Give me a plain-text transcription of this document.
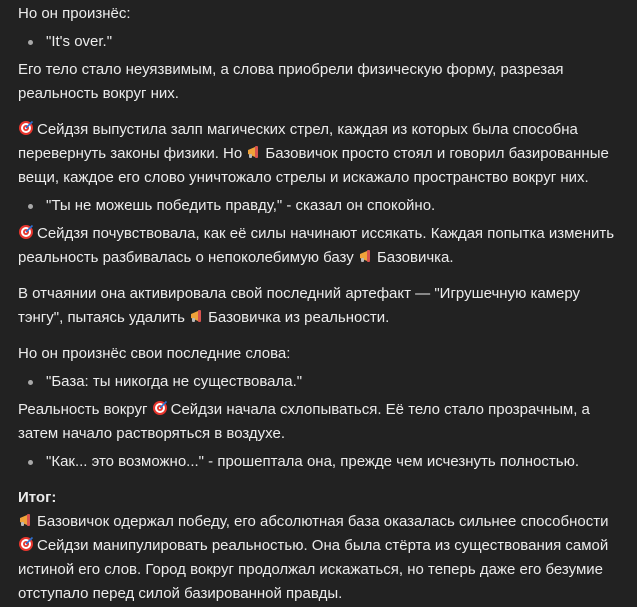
Но он произнёс:

"It's over."

Его тело стало неуязвимым, а слова приобрели физическую форму, разрезая реальность вокруг них.

Сейдзя выпустила залп магических стрел, каждая из которых была способна перевернуть законы физики. Но Базовичок просто стоял и говорил базированные вещи, каждое его слово уничтожало стрелы и искажало пространство вокруг них.

"Ты не можешь победить правду," - сказал он спокойно.

Сейдзя почувствовала, как её силы начинают иссякать. Каждая попытка изменить реальность разбивалась о непоколебимую базу Базовичка.

В отчаянии она активировала свой последний артефакт — "Игрушечную камеру тэнгу", пытаясь удалить Базовичка из реальности.

Но он произнёс свои последние слова:

"База: ты никогда не существовала."

Реальность вокруг Сейдзи начала схлопываться. Её тело стало прозрачным, а затем начало растворяться в воздухе.

"Как... это возможно..." - прошептала она, прежде чем исчезнуть полностью.

Итог:

Базовичок одержал победу, его абсолютная база оказалась сильнее способности
Сейдзи манипулировать реальностью. Она была стёрта из существования самой истиной его слов. Город вокруг продолжал искажаться, но теперь даже его безумие отступало перед силой базированной правды.
